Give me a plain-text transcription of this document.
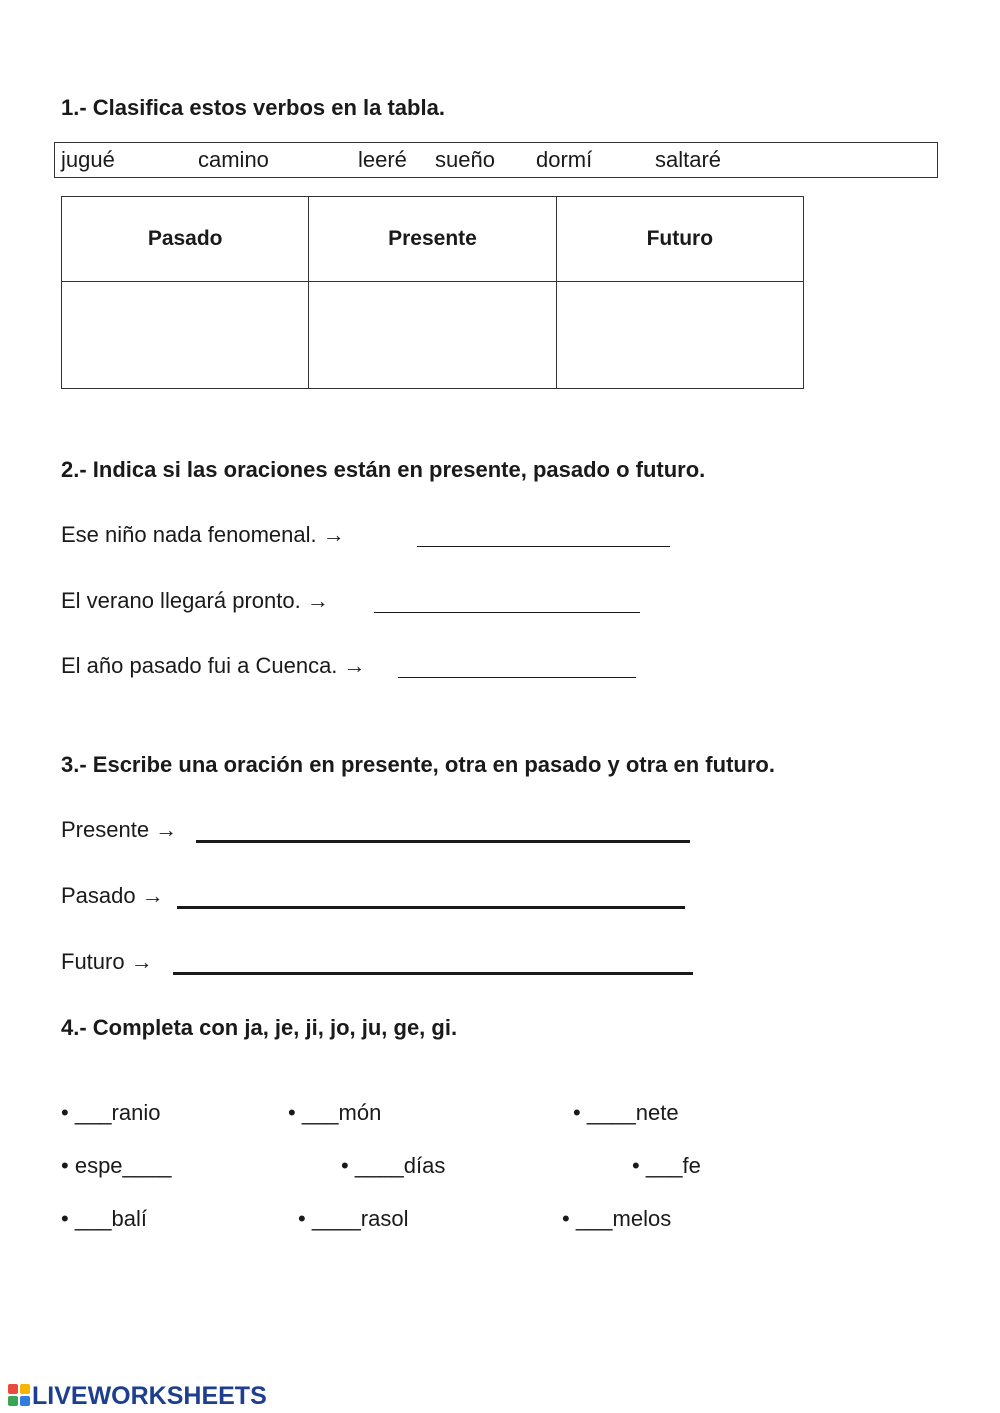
1.- Clasifica estos verbos en la tabla.
jugué	camino	leeré sueño dormí	saltaré
Pasado	Presente	Futuro

2.- Indica si las oraciones están en presente, pasado o futuro.
Ese niño nada fenomenal. →
El verano llegará pronto. →
El año pasado fui a Cuenca. →
3.- Escribe una oración en presente, otra en pasado y otra en futuro.
Presente →
Pasado →
Futuro →
4.- Completa con ja, je, ji, jo, ju, ge, gi.
• ___ranio	• ___món	• ____nete
• espe____	• ____días	• ___fe
• ___balí	• ____rasol	• ___melos
LIVEWORKSHEETS
